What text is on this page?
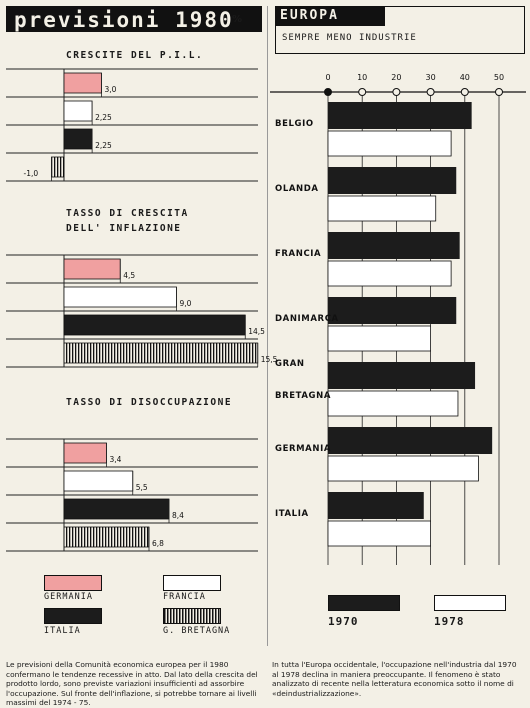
previsioni 1980
%	EUROPA
SEMPRE MENO INDUSTRIE
CRESCITE DEL P.I.L.
TASSO DI CRESCITA
DELL' INFLAZIONE
TASSO DI DISOCCUPAZIONE
3,0
2,25
2,25
-1,0
4,5
9,0
14,5
15,5
3,4
5,5
8,4
6,8
0	10	20	30	40	50
BELGIO
OLANDA
FRANCIA
DANIMARCA
GRAN
BRETAGNA
GERMANIA
ITALIA
GERMANIA	FRANCIA
ITALIA	G. BRETAGNA
1970	1978
Le previsioni della Comunità economica europea per il 1980 confermano le tendenze recessive in atto. Dal lato della crescita del prodotto lordo, sono previste variazioni insufficienti ad assorbire l'occupazione. Sul fronte dell'inflazione, si potrebbe tornare ai livelli massimi del 1974 - 75.
In tutta l'Europa occidentale, l'occupazione nell'industria dal 1970 al 1978 declina in maniera preoccupante. Il fenomeno è stato analizzato di recente nella letteratura economica sotto il nome di «deindustrializzazione».
